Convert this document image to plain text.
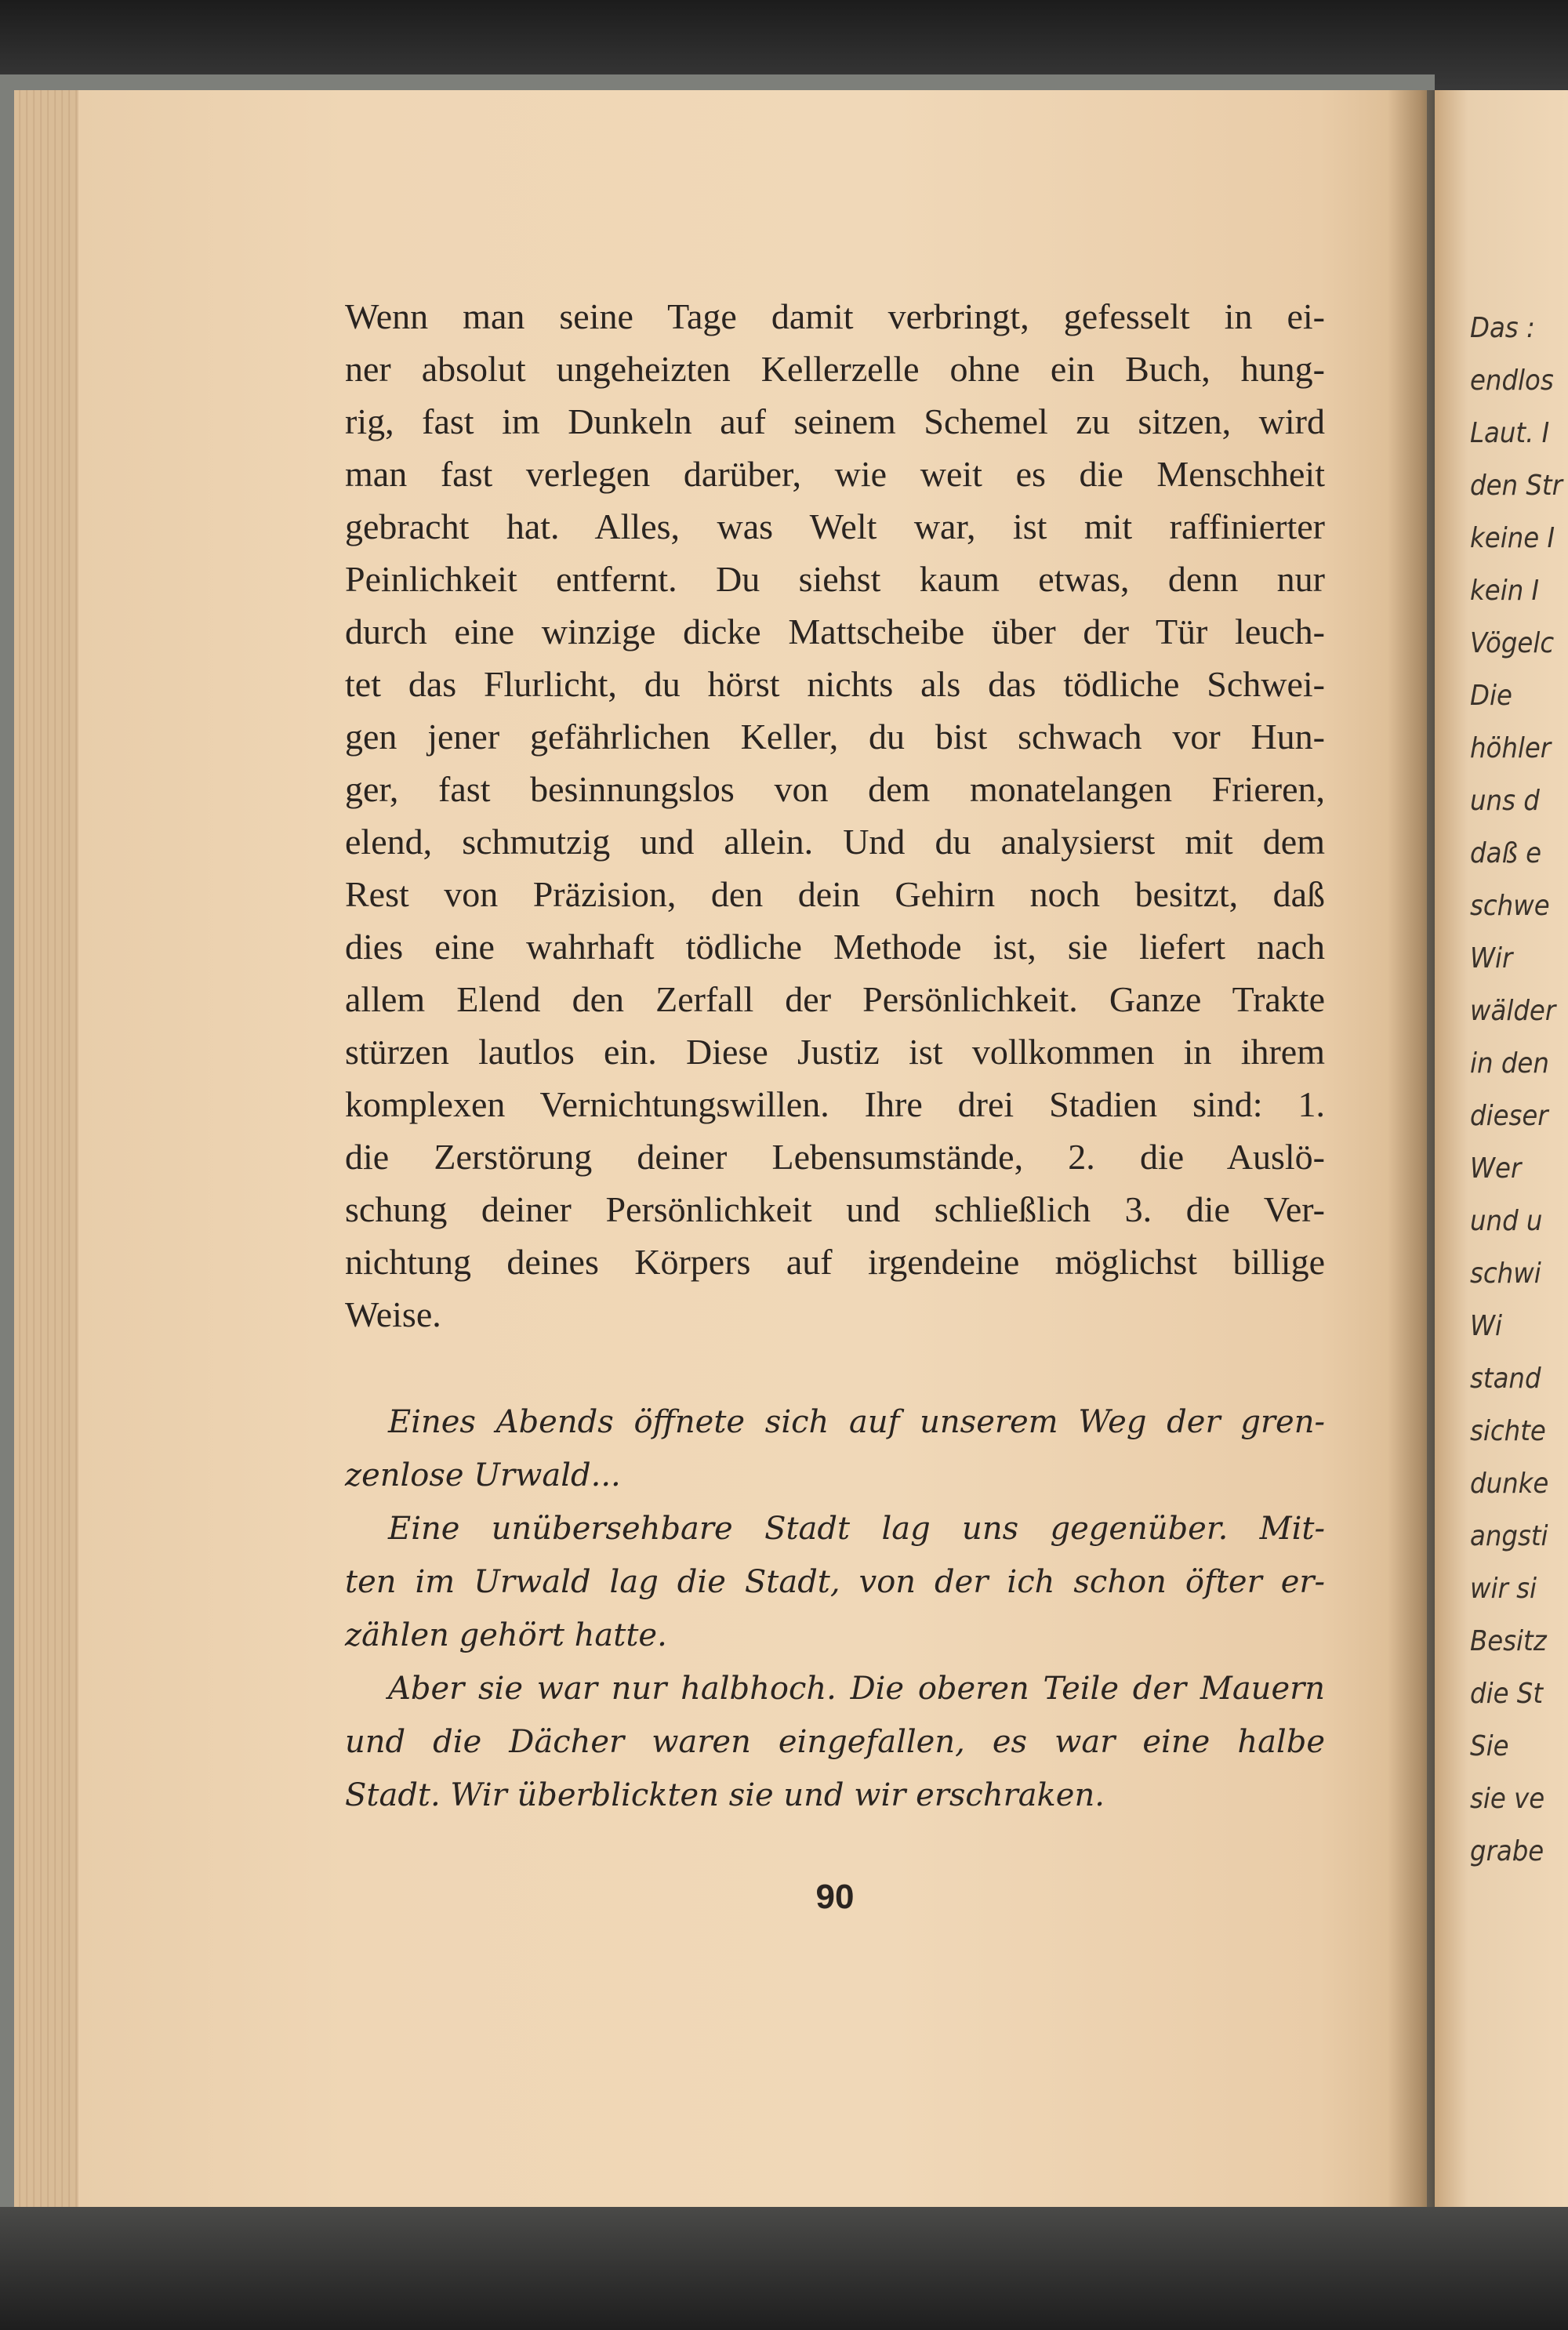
Wenn man seine Tage damit verbringt, gefesselt in ei-
ner absolut ungeheizten Kellerzelle ohne ein Buch, hung-
rig, fast im Dunkeln auf seinem Schemel zu sitzen, wird
man fast verlegen darüber, wie weit es die Menschheit
gebracht hat. Alles, was Welt war, ist mit raffinierter
Peinlichkeit entfernt. Du siehst kaum etwas, denn nur
durch eine winzige dicke Mattscheibe über der Tür leuch-
tet das Flurlicht, du hörst nichts als das tödliche Schwei-
gen jener gefährlichen Keller, du bist schwach vor Hun-
ger, fast besinnungslos von dem monatelangen Frieren,
elend, schmutzig und allein. Und du analysierst mit dem
Rest von Präzision, den dein Gehirn noch besitzt, daß
dies eine wahrhaft tödliche Methode ist, sie liefert nach
allem Elend den Zerfall der Persönlichkeit. Ganze Trakte
stürzen lautlos ein. Diese Justiz ist vollkommen in ihrem
komplexen Vernichtungswillen. Ihre drei Stadien sind: 1.
die Zerstörung deiner Lebensumstände, 2. die Auslö-
schung deiner Persönlichkeit und schließlich 3. die Ver-
nichtung deines Körpers auf irgendeine möglichst billige
Weise.

Eines Abends öffnete sich auf unserem Weg der gren-
zenlose Urwald...

Eine unübersehbare Stadt lag uns gegenüber. Mit-
ten im Urwald lag die Stadt, von der ich schon öfter er-
zählen gehört hatte.

Aber sie war nur halbhoch. Die oberen Teile der Mauern
und die Dächer waren eingefallen, es war eine halbe
Stadt. Wir überblickten sie und wir erschraken.

90
Das :
endlos
Laut. I
den Str
keine I
kein I
Vögelc
Die
höhler
uns d
daß e
schwe
Wir
wälder
in den
dieser
Wer
und u
schwi
Wi
stand
sichte
dunke
angsti
wir si
Besitz
die St
Sie
sie ve
grabe
